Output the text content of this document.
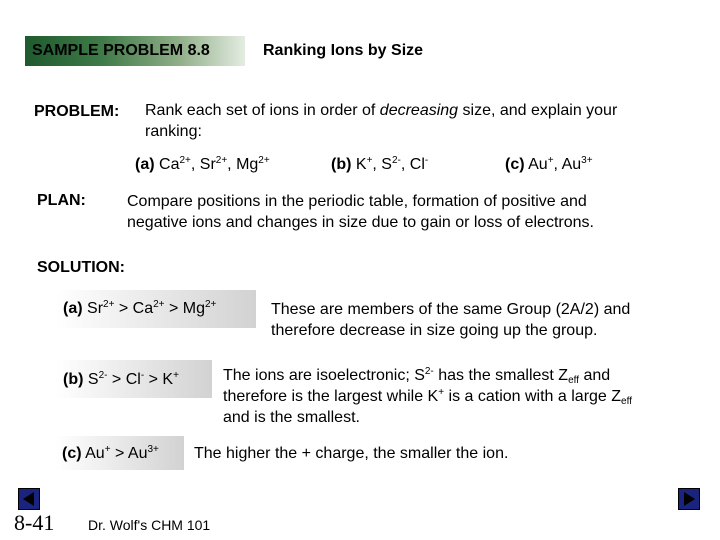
SAMPLE PROBLEM 8.8	Ranking Ions by Size
PROBLEM: Rank each set of ions in order of decreasing size, and explain your
ranking:
(a) $Ca^{2+}$, $Sr^{2+}$, $Mg^{2+}$	(b) K+, $S^{2-}$, Cl-	(c) Au+, $Au^{3+}$
PLAN:	Compare positions in the periodic table, formation of positive and
negative ions and changes in size due to gain or loss of electrons.
SOLUTION:
(a) $Sr^{2+} > Ca^{2+} > Mg^{2+}$	These are members of the same Group (2A/2) and
therefore decrease in size going up the group.
(b) $S^{2-} > Cl^- > K^+$	The ions are isoelectronic; $S^{2-}$ has the smallest $Z_{eff}$ and
therefore is the largest while K+ is a cation with a large $Z_{eff}$
and is the smallest.
(c) $Au^+ > Au^{3+}$ The higher the + charge, the smaller the ion.
8-41 Dr. Wolf's CHM 101
